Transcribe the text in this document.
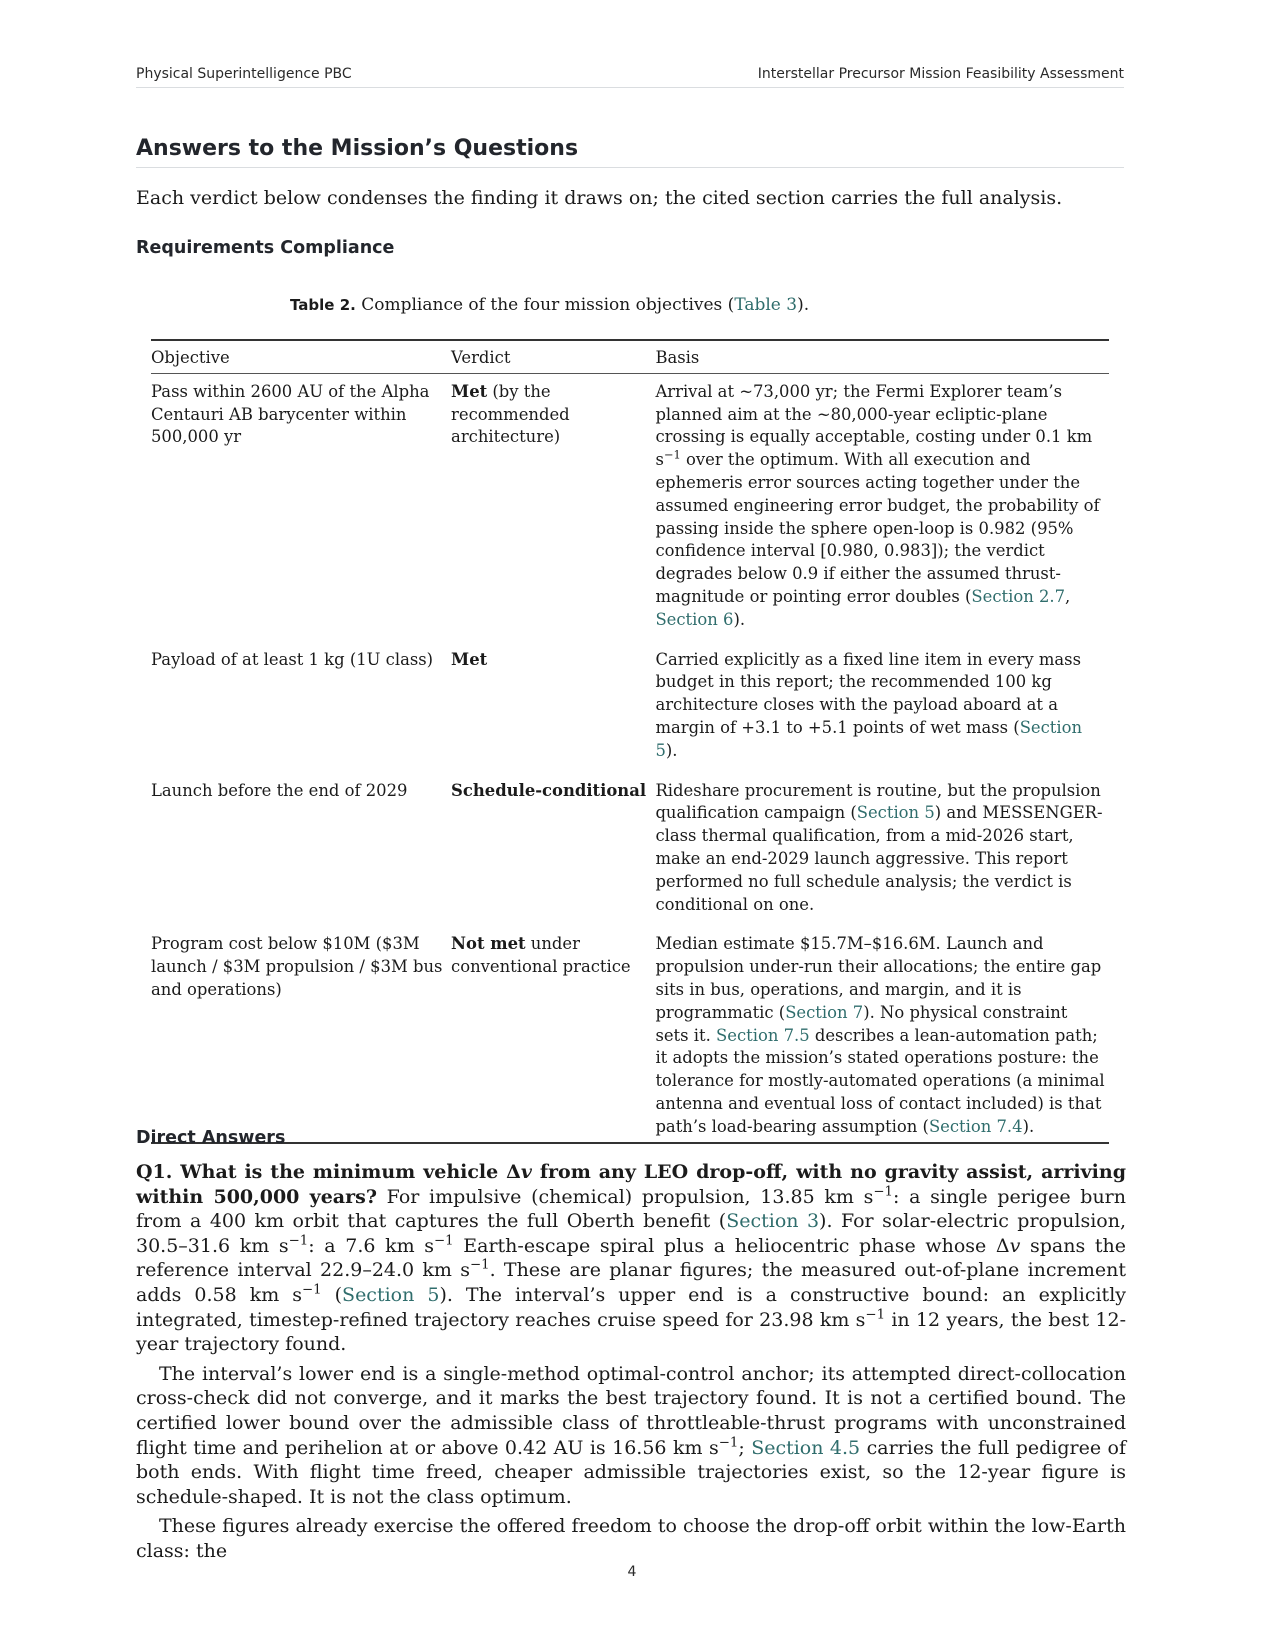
Physical Superintelligence PBC	Interstellar Precursor Mission Feasibility Assessment
Answers to the Mission’s Questions

Each verdict below condenses the finding it draws on; the cited section carries the full analysis.

Requirements Compliance

Table 2. Compliance of the four mission objectives (Table 3).

Objective	Verdict	Basis
Pass within 2600 AU of the Alpha Centauri AB barycenter within 500,000 yr	Met (by the recommended architecture)	Arrival at ~73,000 yr; the Fermi Explorer team’s planned aim at the ~80,000-year ecliptic-plane crossing is equally acceptable, costing under 0.1 km $s^{-1}$ over the optimum. With all execution and ephemeris error sources acting together under the assumed engineering error budget, the probability of passing inside the sphere open-loop is 0.982 (95% confidence interval [0.980, 0.983]); the verdict degrades below 0.9 if either the assumed thrust-magnitude or pointing error doubles (Section 2.7, Section 6).
Payload of at least 1 kg (1U class)	Met	Carried explicitly as a fixed line item in every mass budget in this report; the recommended 100 kg architecture closes with the payload aboard at a margin of +3.1 to +5.1 points of wet mass (Section 5).
Launch before the end of 2029	Schedule-conditional	Rideshare procurement is routine, but the propulsion qualification campaign (Section 5) and MESSENGER-class thermal qualification, from a mid-2026 start, make an end-2029 launch aggressive. This report performed no full schedule analysis; the verdict is conditional on one.
Program cost below $10M ($3M launch / $3M propulsion / $3M bus and operations)	Not met under conventional practice	Median estimate $15.7M–$16.6M. Launch and propulsion under-run their allocations; the entire gap sits in bus, operations, and margin, and it is programmatic (Section 7). No physical constraint sets it. Section 7.5 describes a lean-automation path; it adopts the mission’s stated operations posture: the tolerance for mostly-automated operations (a minimal antenna and eventual loss of contact included) is that path’s load-bearing assumption (Section 7.4).
Direct Answers

Q1. What is the minimum vehicle Δv from any LEO drop-off, with no gravity assist, arriving within 500,000 years? For impulsive (chemical) propulsion, 13.85 km $s^{-1}$: a single perigee burn from a 400 km orbit that captures the full Oberth benefit (Section 3). For solar-electric propulsion, 30.5–31.6 km $s^{-1}$: a 7.6 km $s^{-1}$ Earth-escape spiral plus a heliocentric phase whose Δv spans the reference interval 22.9–24.0 km $s^{-1}$. These are planar figures; the measured out-of-plane increment adds 0.58 km $s^{-1}$ (Section 5). The interval’s upper end is a constructive bound: an explicitly integrated, timestep-refined trajectory reaches cruise speed for 23.98 km $s^{-1}$ in 12 years, the best 12-year trajectory found.

The interval’s lower end is a single-method optimal-control anchor; its attempted direct-collocation cross-check did not converge, and it marks the best trajectory found. It is not a certified bound. The certified lower bound over the admissible class of throttleable-thrust programs with unconstrained flight time and perihelion at or above 0.42 AU is 16.56 km $s^{-1}$; Section 4.5 carries the full pedigree of both ends. With flight time freed, cheaper admissible trajectories exist, so the 12-year figure is schedule-shaped. It is not the class optimum.

These figures already exercise the offered freedom to choose the drop-off orbit within the low-Earth class: the

4
